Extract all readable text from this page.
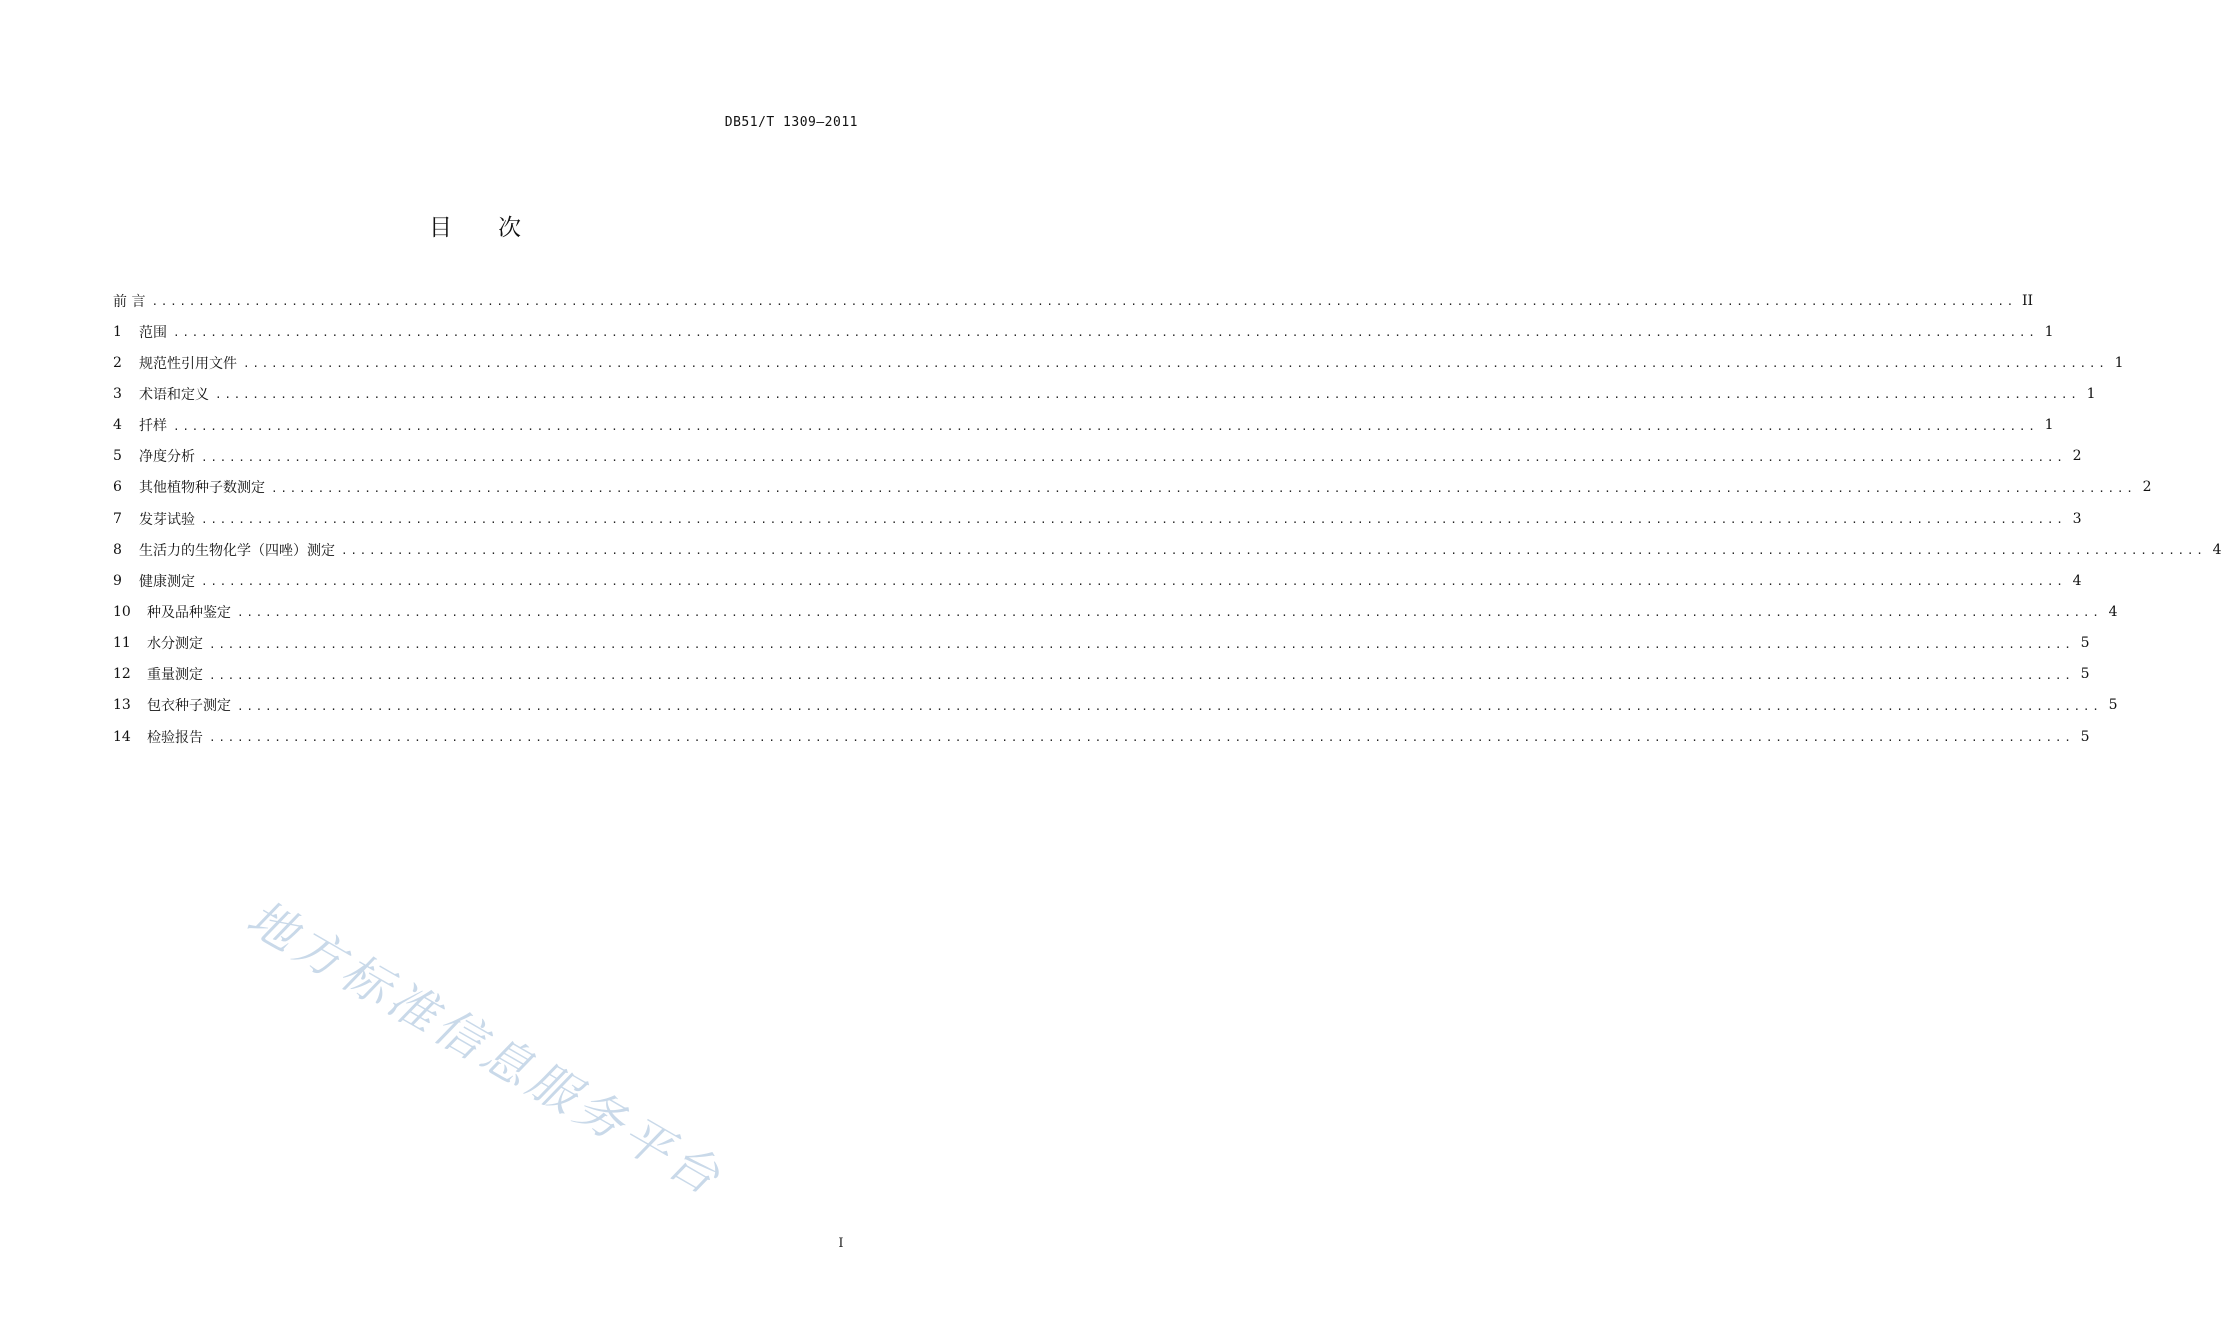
DB51/T 1309—2011
目 次
前 言 ........................................................................................................................................................................................................ II
1	范围 ........................................................................................................................................................................................................ 1
2	规范性引用文件 ........................................................................................................................................................................................................ 1
3	术语和定义 ........................................................................................................................................................................................................ 1
4	扦样 ........................................................................................................................................................................................................ 1
5	净度分析 ........................................................................................................................................................................................................ 2
6	其他植物种子数测定 ........................................................................................................................................................................................................ 2
7	发芽试验 ........................................................................................................................................................................................................ 3
8	生活力的生物化学（四唑）测定 ........................................................................................................................................................................................................ 4
9	健康测定 ........................................................................................................................................................................................................ 4
10	种及品种鉴定 ........................................................................................................................................................................................................ 4
11	水分测定 ........................................................................................................................................................................................................ 5
12	重量测定 ........................................................................................................................................................................................................ 5
13	包衣种子测定 ........................................................................................................................................................................................................ 5
14	检验报告 ........................................................................................................................................................................................................ 5
地方标准信息服务平台
I
